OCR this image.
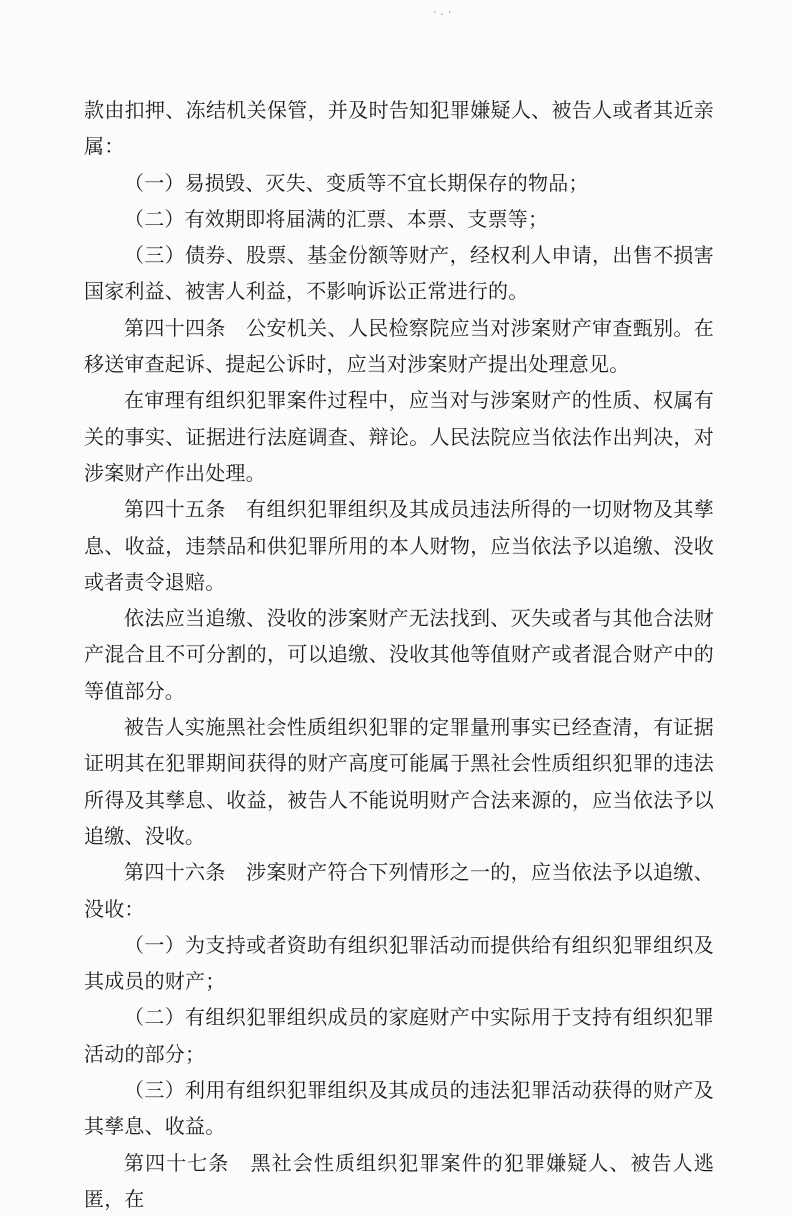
·.·

款由扣押、冻结机关保管，并及时告知犯罪嫌疑人、被告人或者其近亲属：

（一）易损毁、灭失、变质等不宜长期保存的物品；

（二）有效期即将届满的汇票、本票、支票等；

（三）债券、股票、基金份额等财产，经权利人申请，出售不损害国家利益、被害人利益，不影响诉讼正常进行的。

第四十四条　公安机关、人民检察院应当对涉案财产审查甄别。在移送审查起诉、提起公诉时，应当对涉案财产提出处理意见。

在审理有组织犯罪案件过程中，应当对与涉案财产的性质、权属有关的事实、证据进行法庭调查、辩论。人民法院应当依法作出判决，对涉案财产作出处理。

第四十五条　有组织犯罪组织及其成员违法所得的一切财物及其孳息、收益，违禁品和供犯罪所用的本人财物，应当依法予以追缴、没收或者责令退赔。

依法应当追缴、没收的涉案财产无法找到、灭失或者与其他合法财产混合且不可分割的，可以追缴、没收其他等值财产或者混合财产中的等值部分。

被告人实施黑社会性质组织犯罪的定罪量刑事实已经查清，有证据证明其在犯罪期间获得的财产高度可能属于黑社会性质组织犯罪的违法所得及其孳息、收益，被告人不能说明财产合法来源的，应当依法予以追缴、没收。

第四十六条　涉案财产符合下列情形之一的，应当依法予以追缴、没收：

（一）为支持或者资助有组织犯罪活动而提供给有组织犯罪组织及其成员的财产；

（二）有组织犯罪组织成员的家庭财产中实际用于支持有组织犯罪活动的部分；

（三）利用有组织犯罪组织及其成员的违法犯罪活动获得的财产及其孳息、收益。

第四十七条　黑社会性质组织犯罪案件的犯罪嫌疑人、被告人逃匿，在
